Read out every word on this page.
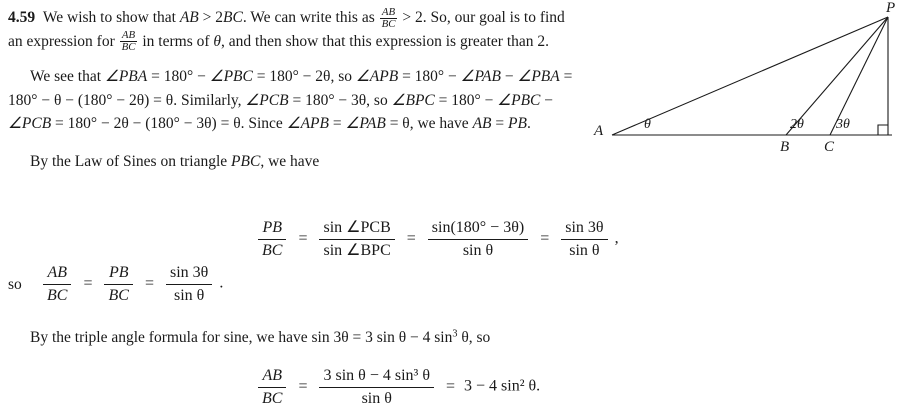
4.59 We wish to show that AB > 2BC. We can write this as $\frac{AB}{BC} > 2$. So, our goal is to find an expression for $\frac{AB}{BC}$ in terms of θ, and then show that this expression is greater than 2.

We see that ∠PBA = 180° − ∠PBC = 180° − 2θ, so ∠APB = 180° − ∠PAB − ∠PBA = 180° − θ − (180° − 2θ) = θ. Similarly, ∠PCB = 180° − 3θ, so ∠BPC = 180° − ∠PBC − ∠PCB = 180° − 2θ − (180° − 3θ) = θ. Since ∠APB = ∠PAB = θ, we have AB = PB.

By the Law of Sines on triangle PBC, we have

By the triple angle formula for sine, we have sin 3θ = 3 sin θ − 4 $\sin^3 \theta$, so

$\frac{PB}{BC}$ =
sin ∠PCB
sin ∠BPC
= $\frac{\sin(180^\circ - 3\theta)}{\text{sin θ}} = \frac{\sin 3\theta}{\text{sin θ}}$ ,
so $\frac{AB}{BC} = \frac{PB}{BC} = \frac{\sin 3\theta}{\text{sin θ}}$ .
$\frac{AB}{BC} = \frac{\text{3 sin θ − 4 sin³ θ}}{\text{sin θ}} = 3 - 4$ sin² θ.
A
B C
P
θ	2θ 3θ
